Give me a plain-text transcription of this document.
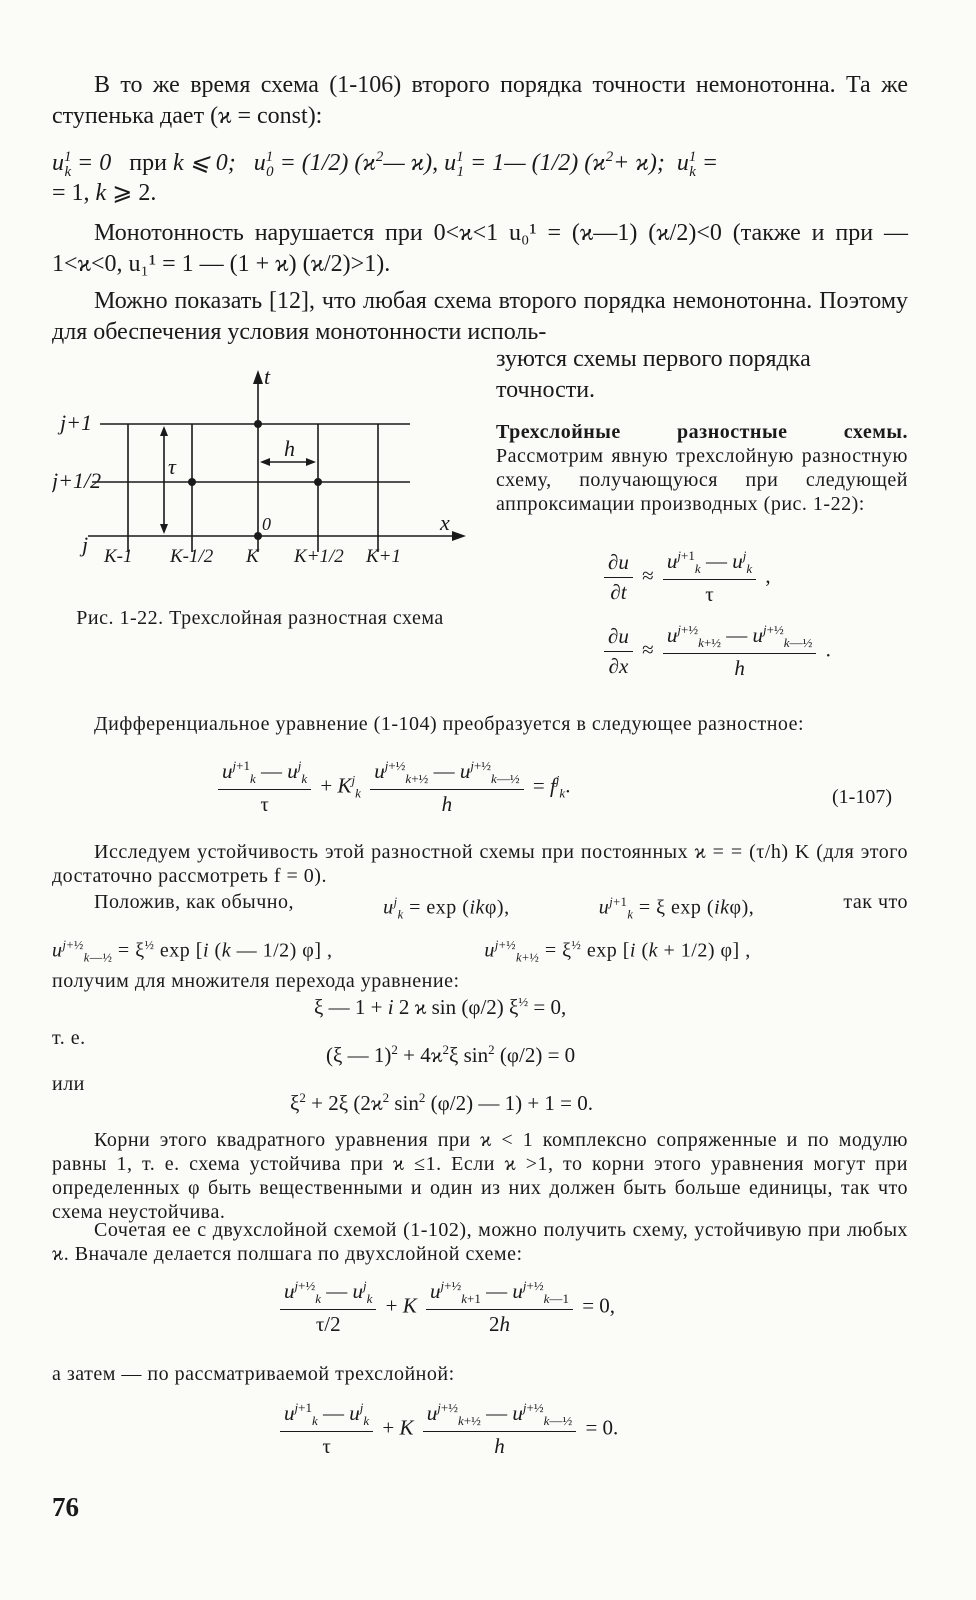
В то же время схема (1-106) второго порядка точности немонотонна. Та же ступенька дает (ϰ = const):

$u^1_k = 0$   при k ⩽ 0;   $u^1_0 = (1/2)$ ($ϰ^2—$ ϰ), $u^1_1$ = 1— (1/2) $(ϰ^2+ ϰ)$;  $u^1_k$ =
= 1, k ⩾ 2.

Монотонность нарушается при 0<ϰ<1 u₀¹ = (ϰ—1) (ϰ/2)<0 (также и при — 1<ϰ<0, u₁¹ = 1 — (1 + ϰ) (ϰ/2)>1).

Можно показать [12], что любая схема второго порядка немонотонна. Поэтому для обеспечения условия монотонности исполь-

зуются схемы первого порядка точности.

t
x
h
τ
0
j+1
j+1/2
j K-1 K-1/2 K K+1/2 K+1

Рис. 1-22. Трехслойная разностная схема

Трехслойные разностные схемы. Рассмотрим явную трехслойную разностную схему, получающуюся при следующей аппроксимации производных (рис. 1-22):

$\frac{\partial u}{\partial t} \approx \frac{u^{j+1}_k — u^j_k}{\tau}$ ,
$\frac{\partial u}{\partial x} \approx \frac{u^{j+\frac{1}{2}}_{k+\frac{1}{2}} — u^{j+\frac{1}{2}}_{k—\frac{1}{2}}}{h}$ .

Дифференциальное уравнение (1-104) преобразуется в следующее разностное:

$\frac{u^{j+1}_k — u^j_k}{\tau} + K^j_k \frac{u^{j+\frac{1}{2}}_{k+\frac{1}{2}} — u^{j+\frac{1}{2}}_{k—\frac{1}{2}}}{h} = f^j_k$.	(1-107)

Исследуем устойчивость этой разностной схемы при постоянных ϰ = = (τ/h) K (для этого достаточно рассмотреть f = 0).

Положив, как обычно,	$u^j_k = \exp (ik\varphi)$,	$u^{j+1}_k = \xi$ exp (ikφ),	так что
$u^{j+\frac{1}{2}}_{k—\frac{1}{2}} = \xi^{\frac{1}{2}}$ exp [i (k — 1/2) φ] ,	$u^{j+\frac{1}{2}}_{k+\frac{1}{2}} = \xi^{\frac{1}{2}}$ exp [i (k + 1/2) φ] ,
получим для множителя перехода уравнение:
ξ — 1 + i 2 ϰ sin (φ/2) $\xi^{\frac{1}{2}} = 0$,
т. е.
(ξ — $1)^2 + 4ϰ^2\xi$ $\sin^2 (\varphi/2) = 0$
или
$\xi^2 + 2\xi$ ($2ϰ^2$ $\sin^2 (\varphi/2)$ — 1) + 1 = 0.

Корни этого квадратного уравнения при ϰ < 1 комплексно сопряженные и по модулю равны 1, т. е. схема устойчива при ϰ ≤1. Если ϰ >1, то корни этого уравнения могут при определенных φ быть вещественными и один из них должен быть больше единицы, так что схема неустойчива.

Сочетая ее с двухслойной схемой (1-102), можно получить схему, устойчивую при любых ϰ. Вначале делается полшага по двухслойной схеме:

$\frac{u^{j+\frac{1}{2}}_k — u^j_k}{\tau/2} + K \frac{u^{j+\frac{1}{2}}_{k+1} — u^{j+\frac{1}{2}}_{k—1}}{2h} = 0$,

а затем — по рассматриваемой трехслойной:

$\frac{u^{j+1}_k — u^j_k}{\tau} + K \frac{u^{j+\frac{1}{2}}_{k+\frac{1}{2}} — u^{j+\frac{1}{2}}_{k—\frac{1}{2}}}{h} = 0$.
76
